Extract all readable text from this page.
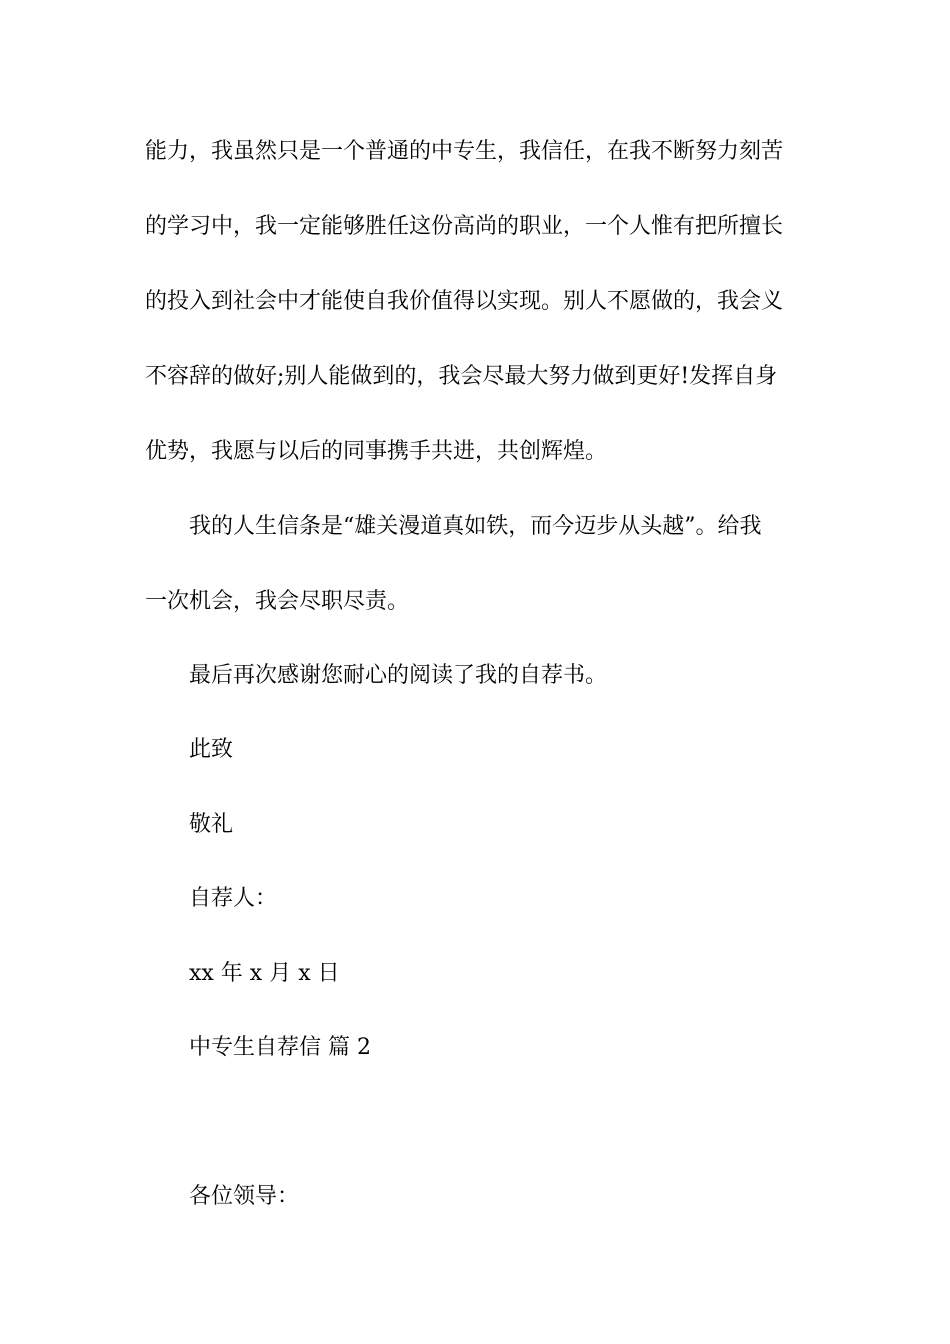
能力，我虽然只是一个普通的中专生，我信任，在我不断努力刻苦
的学习中，我一定能够胜任这份高尚的职业，一个人惟有把所擅长
的投入到社会中才能使自我价值得以实现。别人不愿做的，我会义
不容辞的做好;别人能做到的，我会尽最大努力做到更好!发挥自身
优势，我愿与以后的同事携手共进，共创辉煌。
我的人生信条是“雄关漫道真如铁，而今迈步从头越”。给我
一次机会，我会尽职尽责。
最后再次感谢您耐心的阅读了我的自荐书。
此致
敬礼
自荐人：
xx 年 x 月 x 日
中专生自荐信 篇 2
各位领导：
